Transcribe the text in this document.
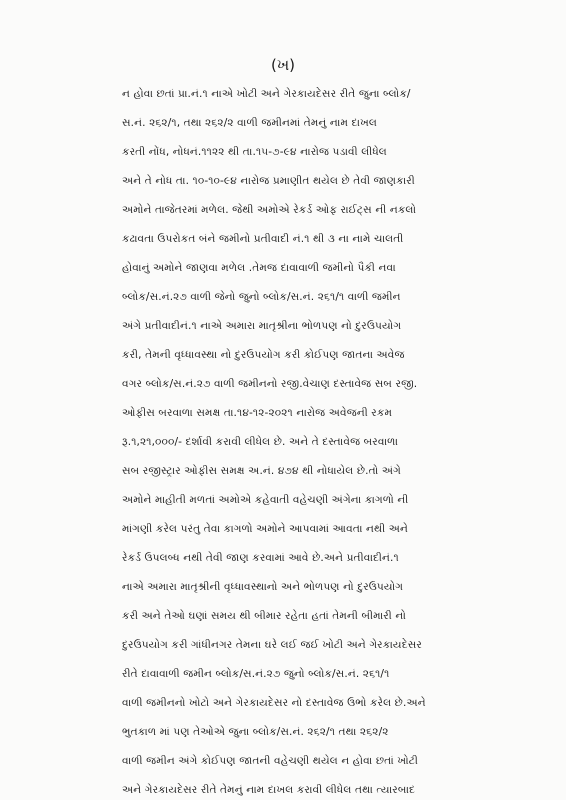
(ખ)
ન હોવા છતાં પ્રા.નં.૧ નાએ ખોટી અને ગેરકાયદેસર રીતે જુના બ્લોક/
સ.નં. ૨૬૨/૧, તથા ૨૬૨/૨ વાળી જમીનમાં તેમનું નામ દાખલ
કરતી નોંધ, નોધનં.૧૧૨૨ થી તા.૧૫-૭-૯૪ નારોજ પડાવી લીધેલ
અને તે નોધ તા. ૧૦-૧૦-૯૪ નારોજ પ્રમાણીત થયેલ છે તેવી જાણકારી
અમોને તાજેતરમાં મળેલ. જેથી અમોએ રેકર્ડ ઓફ રાઈટ્સ ની નકલો
કઢાવતા ઉપરોકત બંને જમીનો પ્રતીવાદી નં.૧ થી ૩ ના નામે ચાલતી
હોવાનું અમોને જાણવા મળેલ .તેમજ દાવાવાળી જમીનો પૈકી નવા
બ્લોક/સ.નં.૨૭ વાળી જેનો જુનો બ્લોક/સ.નં. ૨૬૧/૧ વાળી જમીન
અંગે પ્રતીવાદીનં.૧ નાએ અમારા માતૃશ્રીના ભોળપણ નો દુરઉપયોગ
કરી, તેમની વૃધ્ધાવસ્થા નો દુરઉપયોગ કરી કોઈપણ જાતના અવેજ
વગર બ્લોક/સ.નં.૨૭ વાળી જમીનનો રજી.વેચાણ દસ્તાવેજ સબ રજી.
ઓફીસ બરવાળા સમક્ષ તા.૧૪-૧૨-૨૦૨૧ નારોજ અવેજની રકમ
રૂ.૧,૨૧,૦૦૦/- દર્શાવી કરાવી લીધેલ છે. અને તે દસ્તાવેજ બરવાળા
સબ રજીસ્ટ્રાર ઓફીસ સમક્ષ અ.નં. ૪૭૪ થી નોધાયેલ છે.તો અંગે
અમોને માહીતી મળતાં અમોએ કહેવાતી વહેચણી અંગેના કાગળો ની
માંગણી કરેલ પરંતુ તેવા કાગળો અમોને આપવામાં આવતા નથી અને
રેકર્ડ ઉપલબ્ધ નથી તેવી જાણ કરવામાં આવે છે.અને પ્રતીવાદીનં.૧
નાએ અમારા માતૃશ્રીની વૃધ્ધાવસ્થાનો અને ભોળપણ નો દુરઉપયોગ
કરી અને તેઓ ઘણાં સમય થી બીમાર રહેતા હતાં તેમની બીમારી નો
દુરઉપયોગ કરી ગાંધીનગર તેમના ઘરે લઈ જઈ ખોટી અને ગેરકાયદેસર
રીતે દાવાવાળી જમીન બ્લોક/સ.નં.૨૭ જુનો બ્લોક/સ.નં. ૨૬૧/૧
વાળી જમીનનો ખોટો અને ગેરકાયદેસર નો દસ્તાવેજ ઉભો કરેલ છે.અને
ભુતકાળ માં પણ તેઓએ જુના બ્લોક/સ.નં. ૨૬૨/૧ તથા ૨૬૨/૨
વાળી જમીન અંગે કોઈપણ જાતની વહેચણી થયેલ ન હોવા છતાં ખોટી
અને ગેરકાયદેસર રીતે તેમનું નામ દાખલ કરાવી લીધેલ તથા ત્યારબાદ
